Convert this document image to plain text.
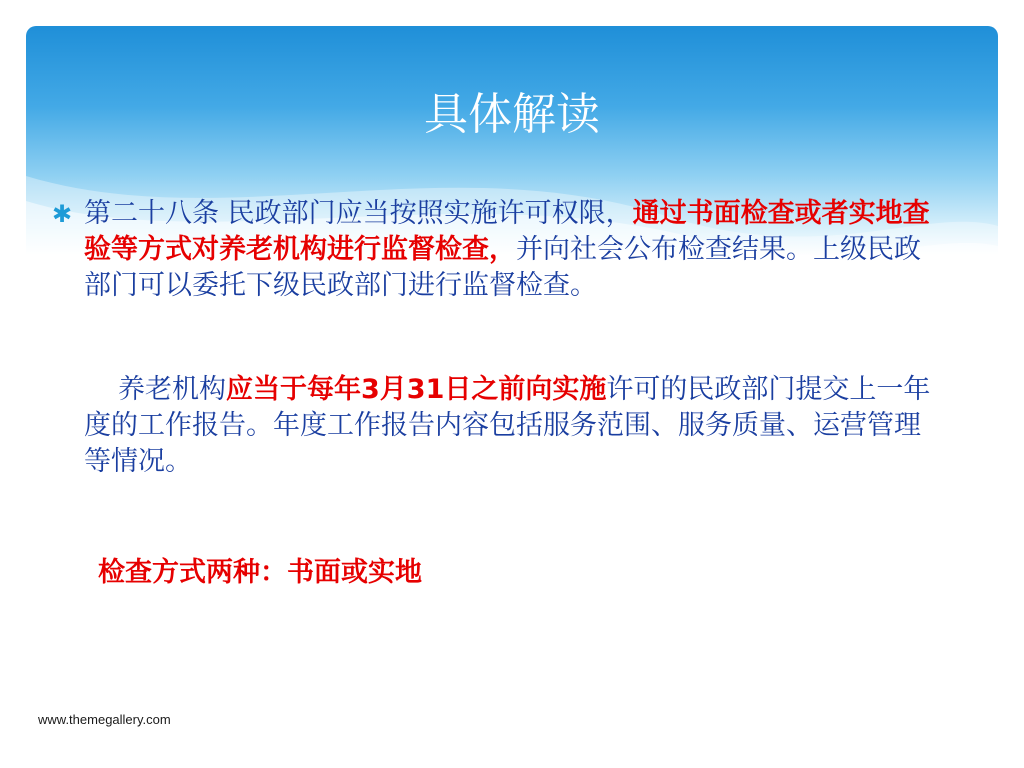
具体解读
✱ 第二十八条 民政部门应当按照实施许可权限，通过书面检查或者实地查验等方式对养老机构进行监督检查，并向社会公布检查结果。上级民政部门可以委托下级民政部门进行监督检查。
养老机构应当于每年3月31日之前向实施许可的民政部门提交上一年度的工作报告。年度工作报告内容包括服务范围、服务质量、运营管理等情况。
检查方式两种：书面或实地
www.themegallery.com
